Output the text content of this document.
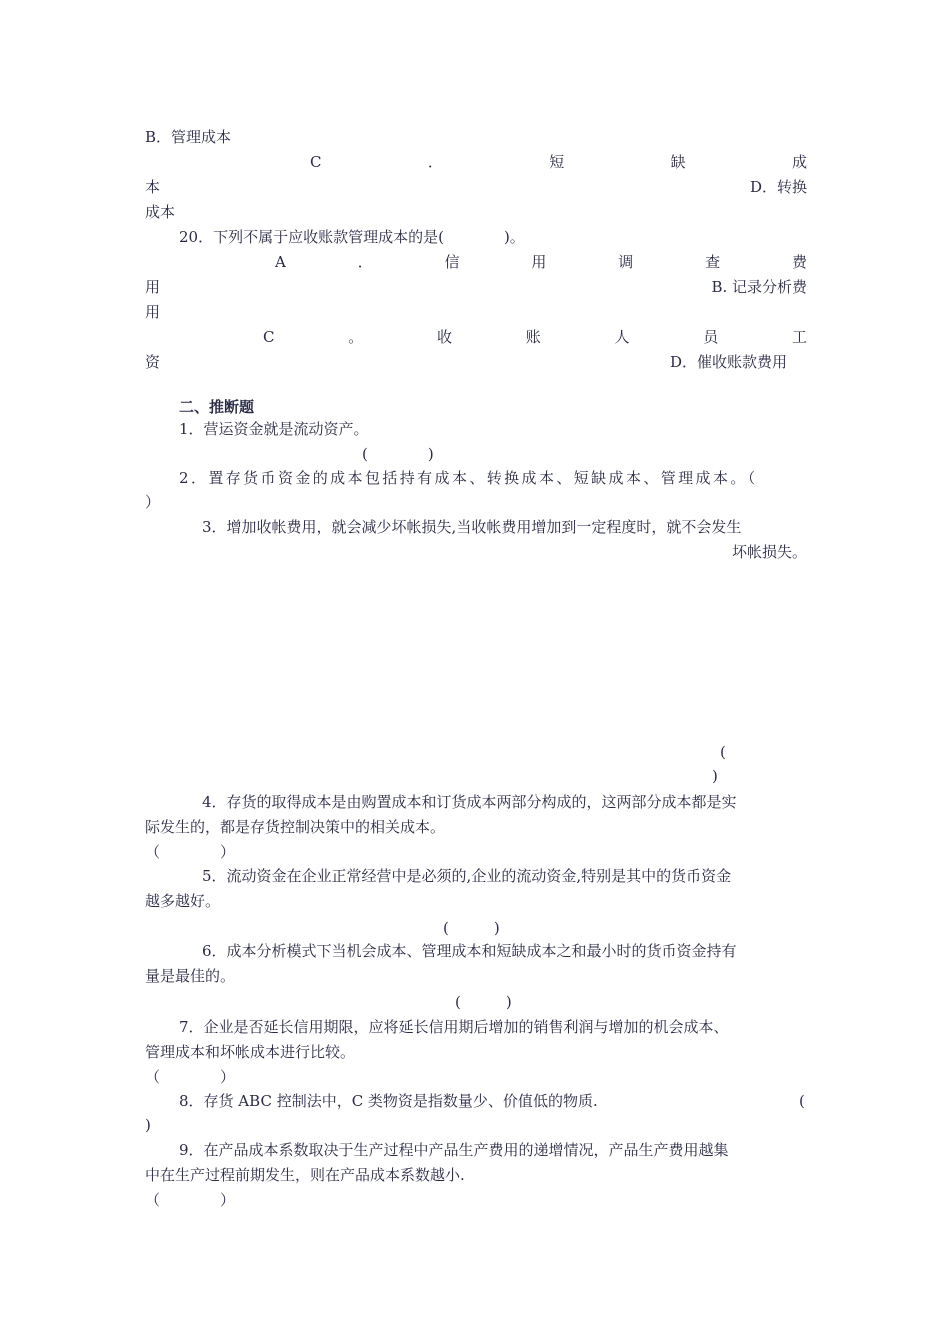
B．管理成本
C	．	短	缺	成
本	D．转换
成本
20．下列不属于应收账款管理成本的是(　　　　)。
A	．	信	用	调	查	费
用	B. 记录分析费
用
C	。	收	账	人	员	工
资	D．催收账款费用
二、推断题
1．营运资金就是流动资产。
(　　　　)
2．置存货币资金的成本包括持有成本、转换成本、短缺成本、管理成本。（
）
3．增加收帐费用，就会减少坏帐损失,当收帐费用增加到一定程度时，就不会发生
坏帐损失。
(
)
4．存货的取得成本是由购置成本和订货成本两部分构成的，这两部分成本都是实
际发生的，都是存货控制决策中的相关成本。
（　　　　）
5．流动资金在企业正常经营中是必须的,企业的流动资金,特别是其中的货币资金
越多越好。
(　　　)
6．成本分析模式下当机会成本、管理成本和短缺成本之和最小时的货币资金持有
量是最佳的。
(　　　)
7．企业是否延长信用期限，应将延长信用期后增加的销售利润与增加的机会成本、
管理成本和坏帐成本进行比较。
（　　　　）
8．存货 ABC 控制法中，C 类物资是指数量少、价值低的物质.	(
)
9．在产品成本系数取决于生产过程中产品生产费用的递增情况，产品生产费用越集
中在生产过程前期发生，则在产品成本系数越小.
（　　　　）
